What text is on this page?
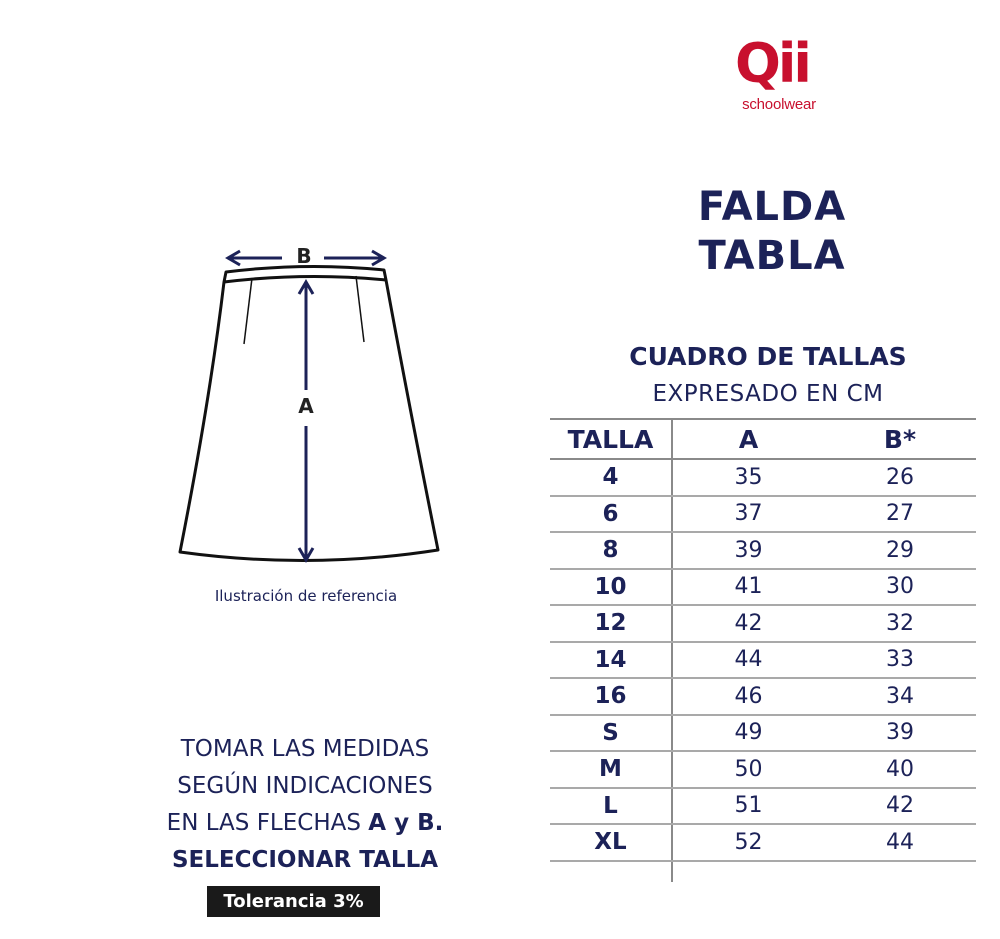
Qii
schoolwear
FALDA
TABLA
CUADRO DE TALLAS
EXPRESADO EN CM
TALLA	A	B*
4	35	26
6	37	27
8	39	29
10	41	30
12	42	32
14	44	33
16	46	34
S	49	39
M	50	40
L	51	42
XL	52	44

B
A
Ilustración de referencia
TOMAR LAS MEDIDAS
SEGÚN INDICACIONES
EN LAS FLECHAS A y B.
SELECCIONAR TALLA
Tolerancia 3%
